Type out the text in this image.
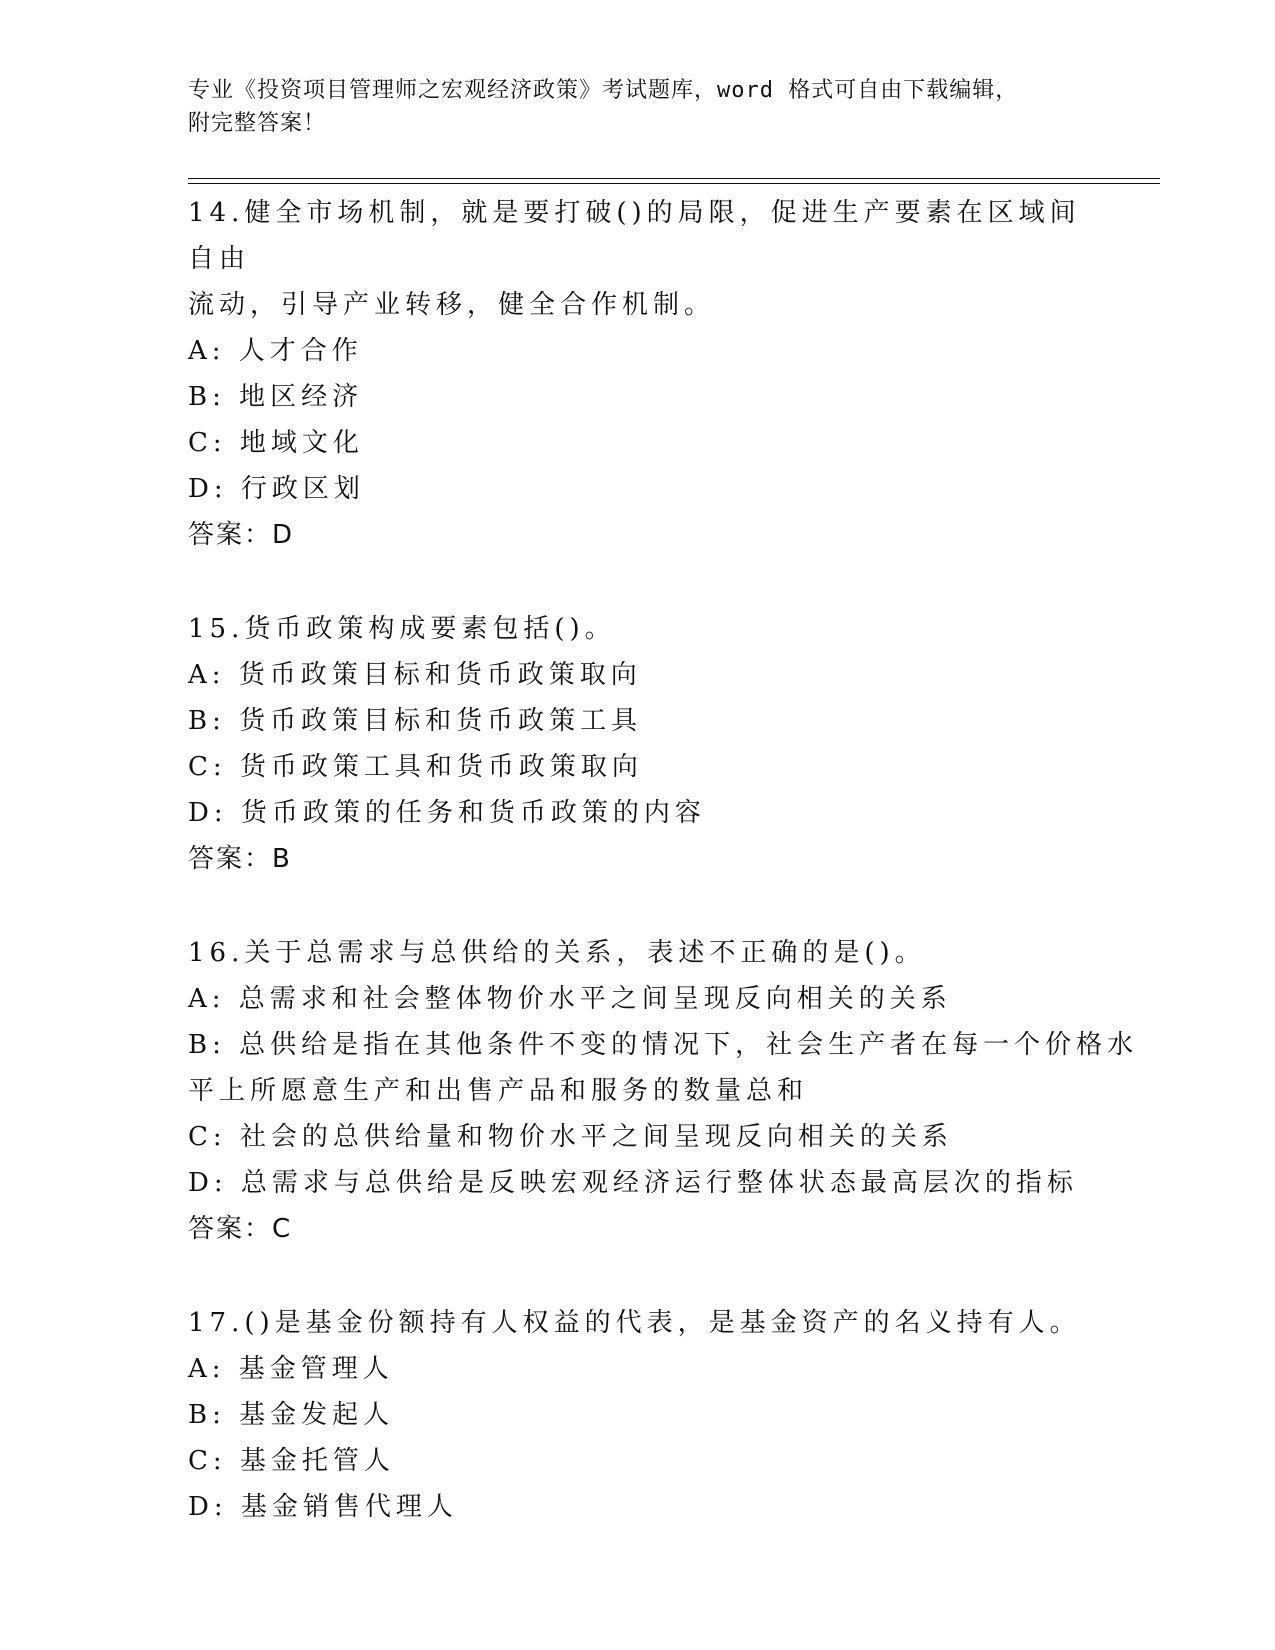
专业《投资项目管理师之宏观经济政策》考试题库，word 格式可自由下载编辑，
附完整答案！
14.健全市场机制，就是要打破()的局限，促进生产要素在区域间自由
流动，引导产业转移，健全合作机制。
A: 人才合作
B: 地区经济
C: 地域文化
D: 行政区划
答案：D
15.货币政策构成要素包括()。
A: 货币政策目标和货币政策取向
B: 货币政策目标和货币政策工具
C: 货币政策工具和货币政策取向
D: 货币政策的任务和货币政策的内容
答案：B
16.关于总需求与总供给的关系，表述不正确的是()。
A: 总需求和社会整体物价水平之间呈现反向相关的关系
B: 总供给是指在其他条件不变的情况下，社会生产者在每一个价格水
平上所愿意生产和出售产品和服务的数量总和
C: 社会的总供给量和物价水平之间呈现反向相关的关系
D: 总需求与总供给是反映宏观经济运行整体状态最高层次的指标
答案：C
17.()是基金份额持有人权益的代表，是基金资产的名义持有人。
A: 基金管理人
B: 基金发起人
C: 基金托管人
D: 基金销售代理人
